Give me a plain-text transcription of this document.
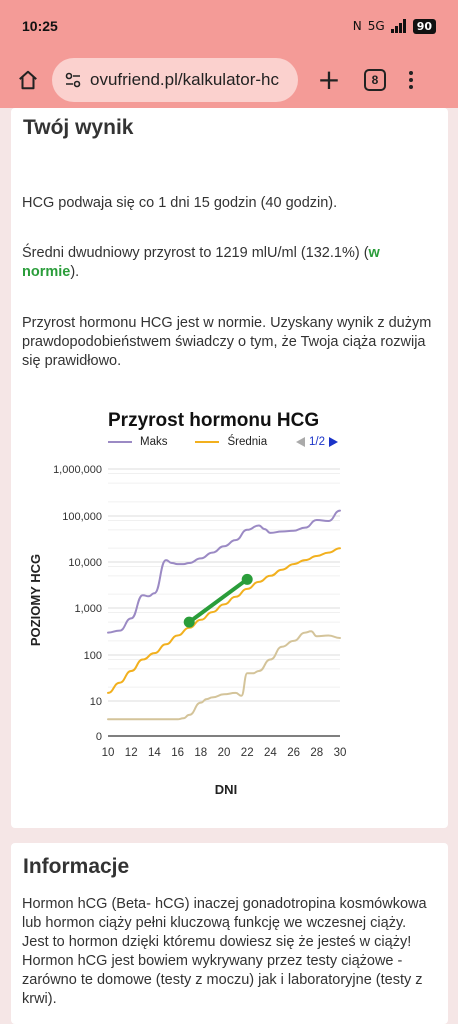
10:25	N 5G	90
ovufriend.pl/kalkulator-hc +	8
Twój wynik
HCG podwaja się co 1 dni 15 godzin (40 godzin).
Średni dwudniowy przyrost to 1219 mlU/ml (132.1%) (w normie).
Przyrost hormonu HCG jest w normie. Uzyskany wynik z dużym prawdopodobieństwem świadczy o tym, że Twoja ciąża rozwija się prawidłowo.
Przyrost hormonu HCG
Maks	Średnia	1/2
0
10
100
1,000
10,000
100,000
1,000,000
10 12 14 16 18 20 22 24 26 28 30
DNI
POZIOMY HCG
Informacje
Hormon hCG (Beta- hCG) inaczej gonadotropina kosmówkowa lub hormon ciąży pełni kluczową funkcję we wczesnej ciąży. Jest to hormon dzięki któremu dowiesz się że jesteś w ciąży! Hormon hCG jest bowiem wykrywany przez testy ciążowe - zarówno te domowe (testy z moczu) jak i laboratoryjne (testy z krwi).
